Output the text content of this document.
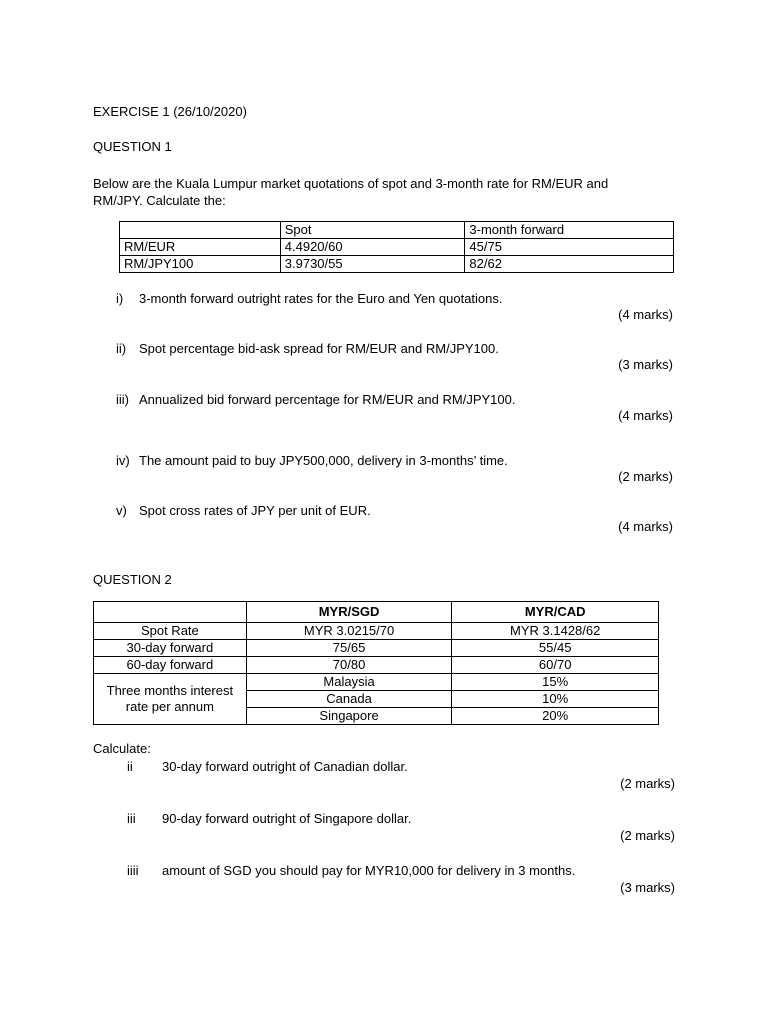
EXERCISE 1 (26/10/2020)
QUESTION 1
Below are the Kuala Lumpur market quotations of spot and 3-month rate for RM/EUR and
RM/JPY. Calculate the:
	Spot	3-month forward
RM/EUR	4.4920/60	45/75
RM/JPY100	3.9730/55	82/62
i) 3-month forward outright rates for the Euro and Yen quotations.
(4 marks)
ii) Spot percentage bid-ask spread for RM/EUR and RM/JPY100.
(3 marks)
iii) Annualized bid forward percentage for RM/EUR and RM/JPY100.
(4 marks)
iv) The amount paid to buy JPY500,000, delivery in 3-months’ time.
(2 marks)
v) Spot cross rates of JPY per unit of EUR.
(4 marks)
QUESTION 2
	MYR/SGD	MYR/CAD
Spot Rate	MYR 3.0215/70	MYR 3.1428/62
30-day forward	75/65	55/45
60-day forward	70/80	60/70
Three months interest rate per annum	Malaysia	15%
	Canada	10%
	Singapore	20%
Calculate:
ii 30-day forward outright of Canadian dollar.
(2 marks)
iii 90-day forward outright of Singapore dollar.
(2 marks)
iiii amount of SGD you should pay for MYR10,000 for delivery in 3 months.
(3 marks)
